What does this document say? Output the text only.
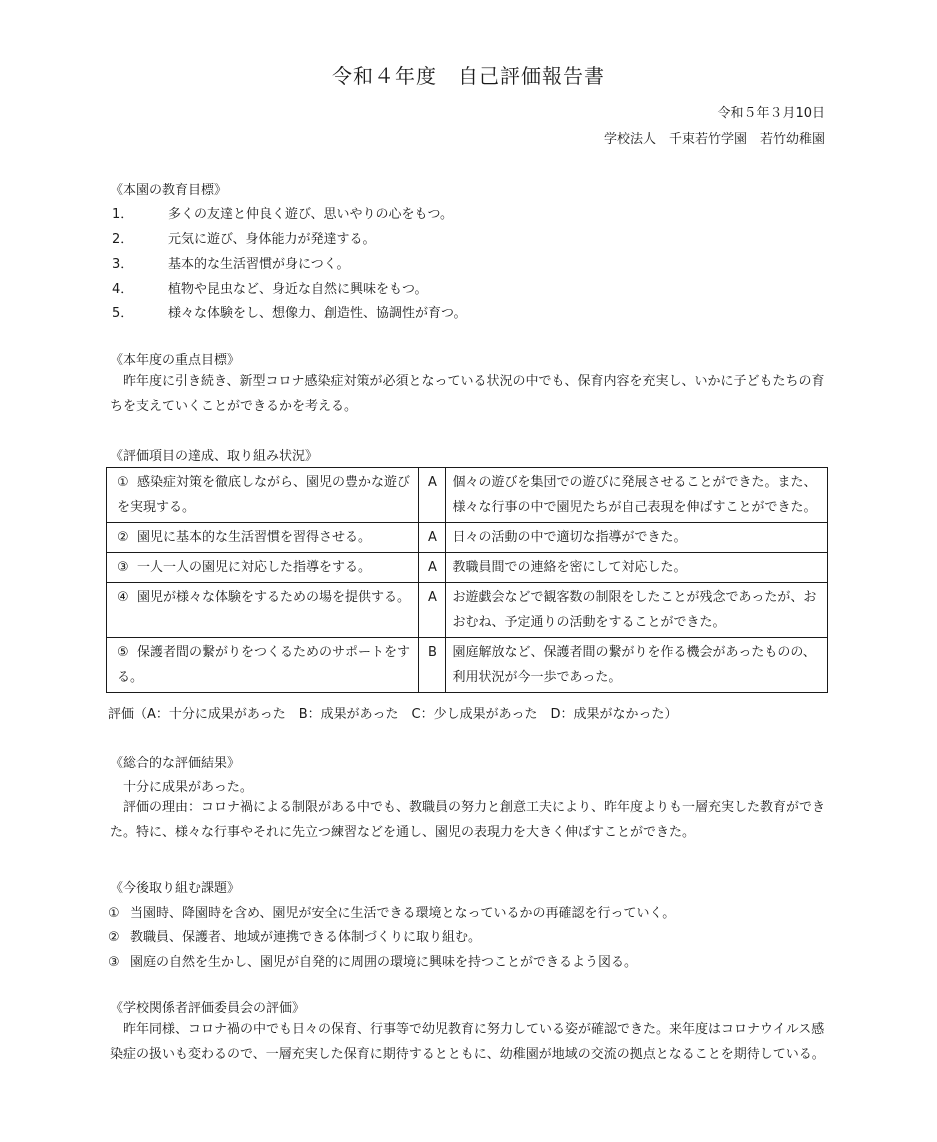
令和４年度　自己評価報告書
令和５年３月10日
学校法人　千束若竹学園　若竹幼稚園
《本園の教育目標》
1．	多くの友達と仲良く遊び、思いやりの心をもつ。
2．	元気に遊び、身体能力が発達する。
3．	基本的な生活習慣が身につく。
4．	植物や昆虫など、身近な自然に興味をもつ。
5．	様々な体験をし、想像力、創造性、協調性が育つ。
《本年度の重点目標》
　昨年度に引き続き、新型コロナ感染症対策が必須となっている状況の中でも、保育内容を充実し、いかに子どもたちの育ちを支えていくことができるかを考える。
《評価項目の達成、取り組み状況》
① 感染症対策を徹底しながら、園児の豊かな遊びを実現する。	A	個々の遊びを集団での遊びに発展させることができた。また、様々な行事の中で園児たちが自己表現を伸ばすことができた。
② 園児に基本的な生活習慣を習得させる。	A	日々の活動の中で適切な指導ができた。
③ 一人一人の園児に対応した指導をする。	A	教職員間での連絡を密にして対応した。
④ 園児が様々な体験をするための場を提供する。	A	お遊戯会などで観客数の制限をしたことが残念であったが、おおむね、予定通りの活動をすることができた。
⑤ 保護者間の繋がりをつくるためのサポートをする。	B	園庭解放など、保護者間の繋がりを作る機会があったものの、利用状況が今一歩であった。
評価（A：十分に成果があった　B：成果があった　C：少し成果があった　D：成果がなかった）
《総合的な評価結果》
　十分に成果があった。
　評価の理由：コロナ禍による制限がある中でも、教職員の努力と創意工夫により、昨年度よりも一層充実した教育ができた。特に、様々な行事やそれに先立つ練習などを通し、園児の表現力を大きく伸ばすことができた。
《今後取り組む課題》
① 当園時、降園時を含め、園児が安全に生活できる環境となっているかの再確認を行っていく。
② 教職員、保護者、地域が連携できる体制づくりに取り組む。
③ 園庭の自然を生かし、園児が自発的に周囲の環境に興味を持つことができるよう図る。
《学校関係者評価委員会の評価》
　昨年同様、コロナ禍の中でも日々の保育、行事等で幼児教育に努力している姿が確認できた。来年度はコロナウイルス感染症の扱いも変わるので、一層充実した保育に期待するとともに、幼稚園が地域の交流の拠点となることを期待している。
